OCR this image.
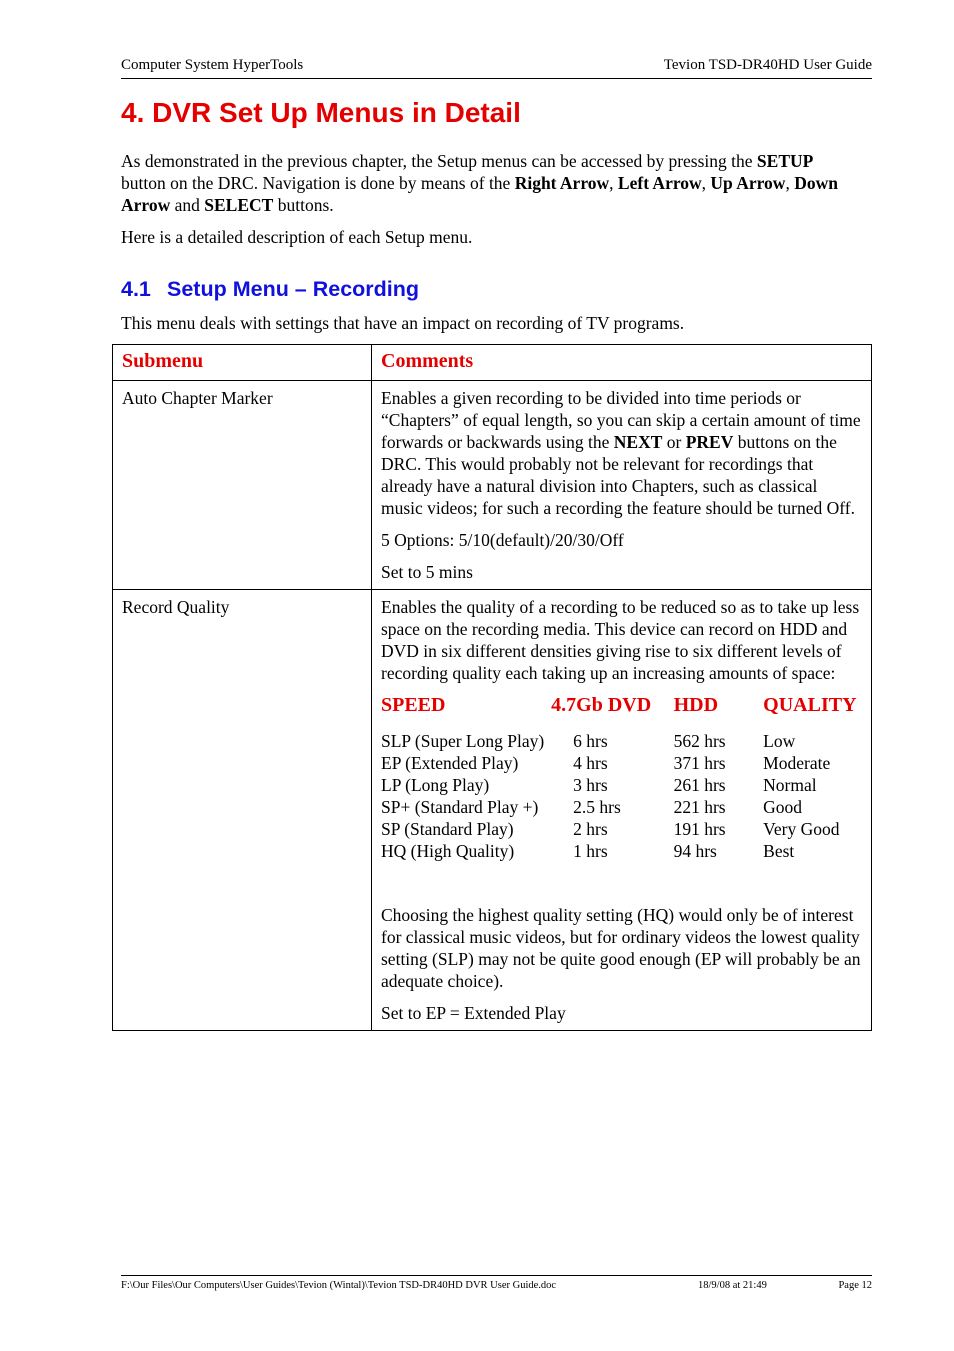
Computer System HyperTools	Tevion TSD-DR40HD User Guide
4. DVR Set Up Menus in Detail

As demonstrated in the previous chapter, the Setup menus can be accessed by pressing the SETUP button on the DRC. Navigation is done by means of the Right Arrow, Left Arrow, Up Arrow, Down Arrow and SELECT buttons.

Here is a detailed description of each Setup menu.

4.1 Setup Menu – Recording

This menu deals with settings that have an impact on recording of TV programs.

Submenu	Comments
Auto Chapter Marker	Enables a given recording to be divided into time periods or “Chapters” of equal length, so you can skip a certain amount of time forwards or backwards using the NEXT or PREV buttons on the DRC. This would probably not be relevant for recordings that already have a natural division into Chapters, such as classical music videos; for such a recording the feature should be turned Off.

5 Options: 5/10(default)/20/30/Off

Set to 5 mins

Record Quality	Enables the quality of a recording to be reduced so as to take up less space on the recording media. This device can record on HDD and DVD in six different densities giving rise to six different levels of recording quality each taking up an increasing amounts of space:

SPEED	4.7Gb DVD	HDD	QUALITY
SLP (Super Long Play)	6 hrs	562 hrs	Low
EP (Extended Play)	4 hrs	371 hrs	Moderate
LP (Long Play)	3 hrs	261 hrs	Normal
SP+ (Standard Play +)	2.5 hrs	221 hrs	Good
SP (Standard Play)	2 hrs	191 hrs	Very Good
HQ (High Quality)	1 hrs	94 hrs	Best

Choosing the highest quality setting (HQ) would only be of interest for classical music videos, but for ordinary videos the lowest quality setting (SLP) may not be quite good enough (EP will probably be an adequate choice).

Set to EP = Extended Play

F:\Our Files\Our Computers\User Guides\Tevion (Wintal)\Tevion TSD-DR40HD DVR User Guide.doc	18/9/08 at 21:49	Page 12
